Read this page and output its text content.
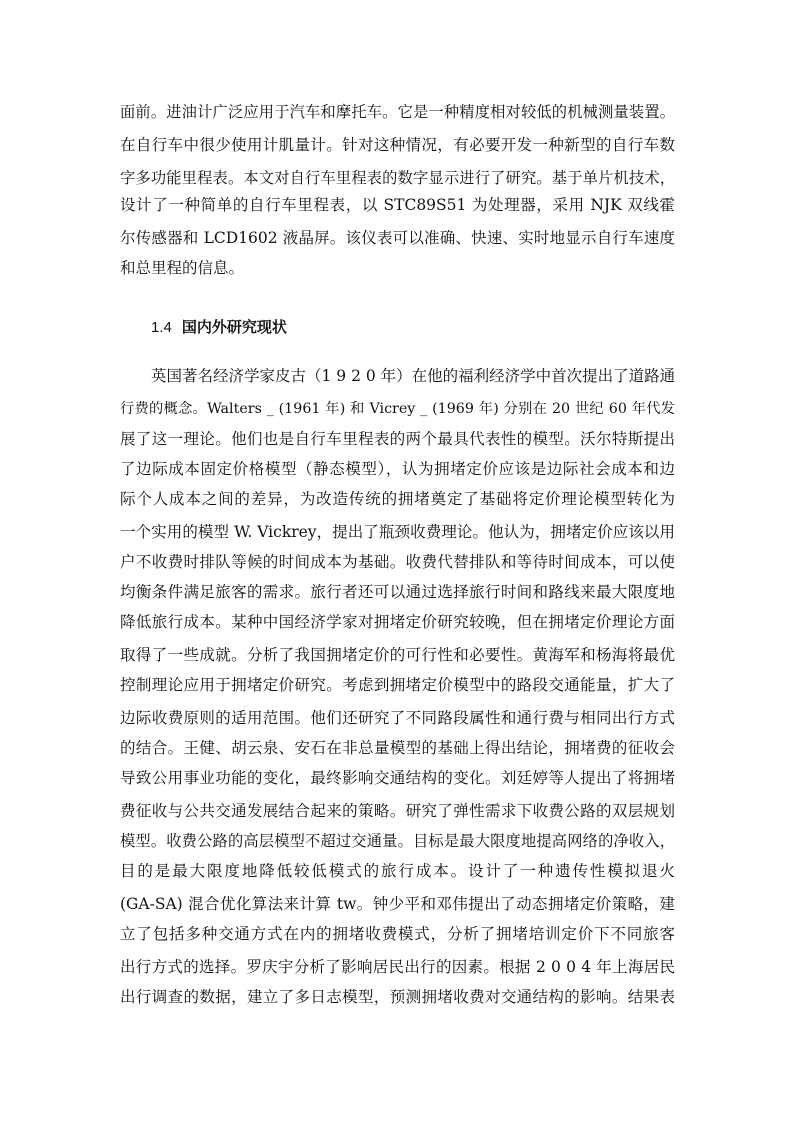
面前。进油计广泛应用于汽车和摩托车。它是一种精度相对较低的机械测量装置。
在自行车中很少使用计肌量计。针对这种情况，有必要开发一种新型的自行车数
字多功能里程表。本文对自行车里程表的数字显示进行了研究。基于单片机技术，
设计了一种简单的自行车里程表，以 STC89S51 为处理器，采用 NJK 双线霍
尔传感器和 LCD1602 液晶屏。该仪表可以准确、快速、实时地显示自行车速度
和总里程的信息。
1.4 国内外研究现状
英国著名经济学家皮古（1 9 2 0 年）在他的福利经济学中首次提出了道路通
行费的概念。Walters _ (1961 年) 和 Vicrey _ (1969 年) 分别在 20 世纪 60 年代发
展了这一理论。他们也是自行车里程表的两个最具代表性的模型。沃尔特斯提出
了边际成本固定价格模型（静态模型），认为拥堵定价应该是边际社会成本和边
际个人成本之间的差异，为改造传统的拥堵奠定了基础将定价理论模型转化为
一个实用的模型 W. Vickrey，提出了瓶颈收费理论。他认为，拥堵定价应该以用
户不收费时排队等候的时间成本为基础。收费代替排队和等待时间成本，可以使
均衡条件满足旅客的需求。旅行者还可以通过选择旅行时间和路线来最大限度地
降低旅行成本。某种中国经济学家对拥堵定价研究较晚，但在拥堵定价理论方面
取得了一些成就。分析了我国拥堵定价的可行性和必要性。黄海军和杨海将最优
控制理论应用于拥堵定价研究。考虑到拥堵定价模型中的路段交通能量，扩大了
边际收费原则的适用范围。他们还研究了不同路段属性和通行费与相同出行方式
的结合。王健、胡云泉、安石在非总量模型的基础上得出结论，拥堵费的征收会
导致公用事业功能的变化，最终影响交通结构的变化。刘廷婷等人提出了将拥堵
费征收与公共交通发展结合起来的策略。研究了弹性需求下收费公路的双层规划
模型。收费公路的高层模型不超过交通量。目标是最大限度地提高网络的净收入，
目的是最大限度地降低较低模式的旅行成本。设计了一种遗传性模拟退火
(GA-SA) 混合优化算法来计算 tw。钟少平和邓伟提出了动态拥堵定价策略，建
立了包括多种交通方式在内的拥堵收费模式，分析了拥堵培训定价下不同旅客
出行方式的选择。罗庆宇分析了影响居民出行的因素。根据 2 0 0 4 年上海居民
出行调查的数据，建立了多日志模型，预测拥堵收费对交通结构的影响。结果表
